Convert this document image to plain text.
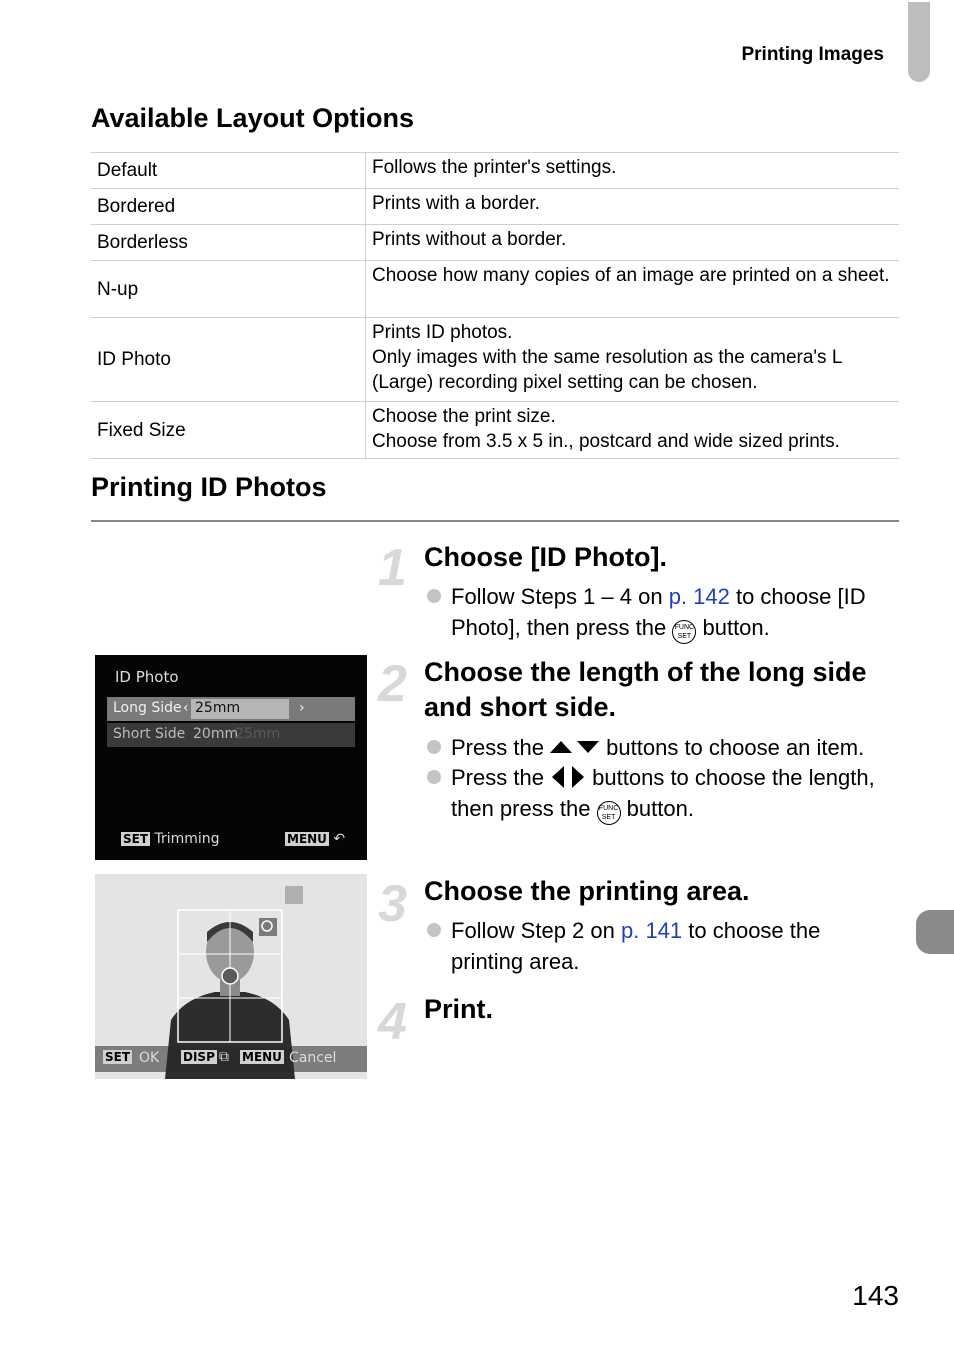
Printing Images
Available Layout Options
Default	Follows the printer's settings.
Bordered	Prints with a border.
Borderless	Prints without a border.
N-up	Choose how many copies of an image are printed on a sheet.
ID Photo	Prints ID photos.
Only images with the same resolution as the camera's L (Large) recording pixel setting can be chosen.

Fixed Size	Choose the print size.
Choose from 3.5 x 5 in., postcard and wide sized prints.
Printing ID Photos
1 Choose [ID Photo].
Follow Steps 1 – 4 on p. 142 to choose [ID Photo], then press the FUNC
SET button.
2 Choose the length of the long side and short side.
Press the  buttons to choose an item.
Press the  buttons to choose the length, then press the FUNC
SET button.
ID Photo
Long Side ‹ 25mm	›
Short Side 20mm
25mm
SET Trimming	MENU ↶
3 Choose the printing area.
Follow Step 2 on p. 141 to choose the printing area.
SET OK DISP ⧉ MENU Cancel
4 Print.
143
